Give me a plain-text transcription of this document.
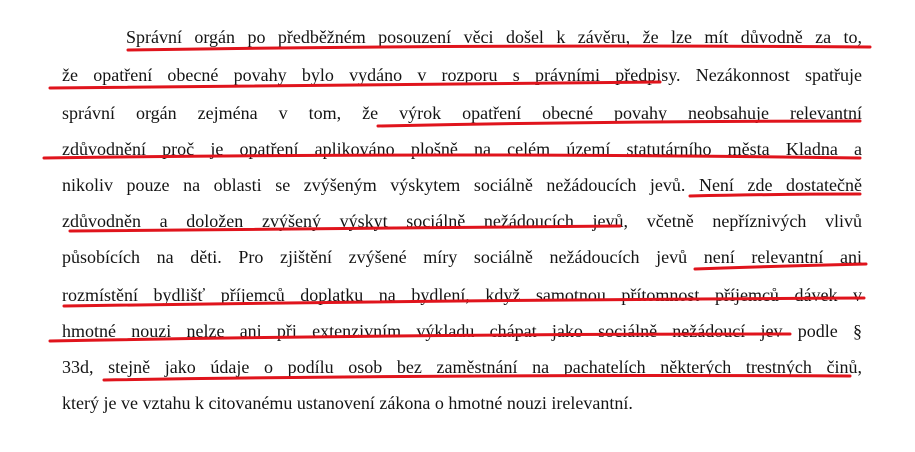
Správní orgán po předběžném posouzení věci došel k závěru, že lze mít důvodně za to,
že opatření obecné povahy bylo vydáno v rozporu s právními předpisy. Nezákonnost spatřuje
správní orgán zejména v tom, že výrok opatření obecné povahy neobsahuje relevantní
zdůvodnění proč je opatření aplikováno plošně na celém území statutárního města Kladna a
nikoliv pouze na oblasti se zvýšeným výskytem sociálně nežádoucích jevů. Není zde dostatečně
zdůvodněn a doložen zvýšený výskyt sociálně nežádoucích jevů, včetně nepříznivých vlivů
působících na děti. Pro zjištění zvýšené míry sociálně nežádoucích jevů není relevantní ani
rozmístění bydlišť příjemců doplatku na bydlení, když samotnou přítomnost příjemců dávek v
hmotné nouzi nelze ani při extenzivním výkladu chápat jako sociálně nežádoucí jev podle §
33d, stejně jako údaje o podílu osob bez zaměstnání na pachatelích některých trestných činů,
který je ve vztahu k citovanému ustanovení zákona o hmotné nouzi irelevantní.
